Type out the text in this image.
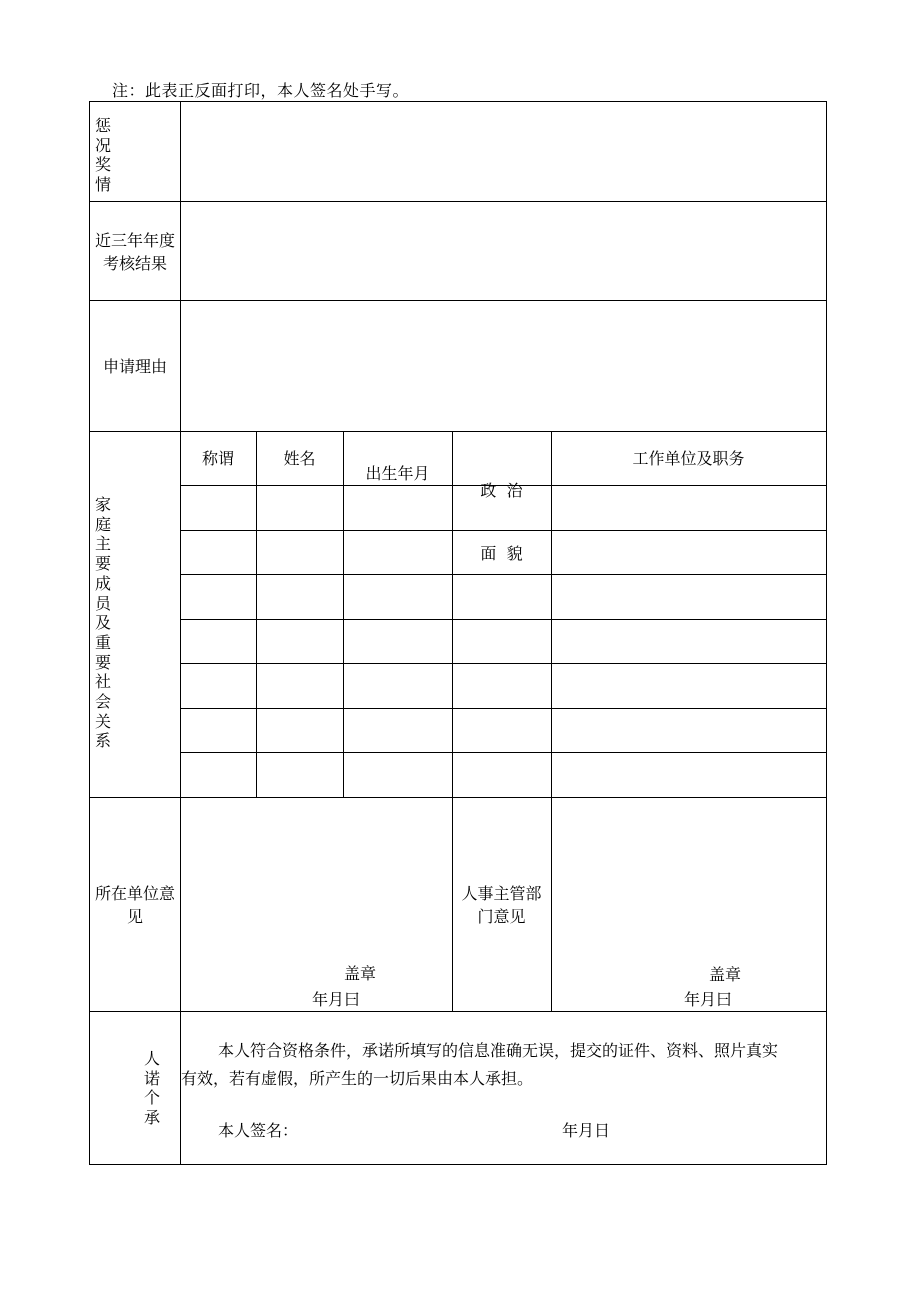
注：此表正反面打印，本人签名处手写。
惩况奖情
近三年年度
考核结果
申请理由
家庭主要成员及重要社会关系
称谓	姓名
出生年月

政  治

面  貌

工作单位及职务
所在单位意
见
盖章
年月曰
人事主管部
门意见
盖章
年月曰
人诺个承
本人符合资格条件，承诺所填写的信息准确无误，提交的证件、资料、照片真实
有效，若有虚假，所产生的一切后果由本人承担。
本人签名：	年月日
